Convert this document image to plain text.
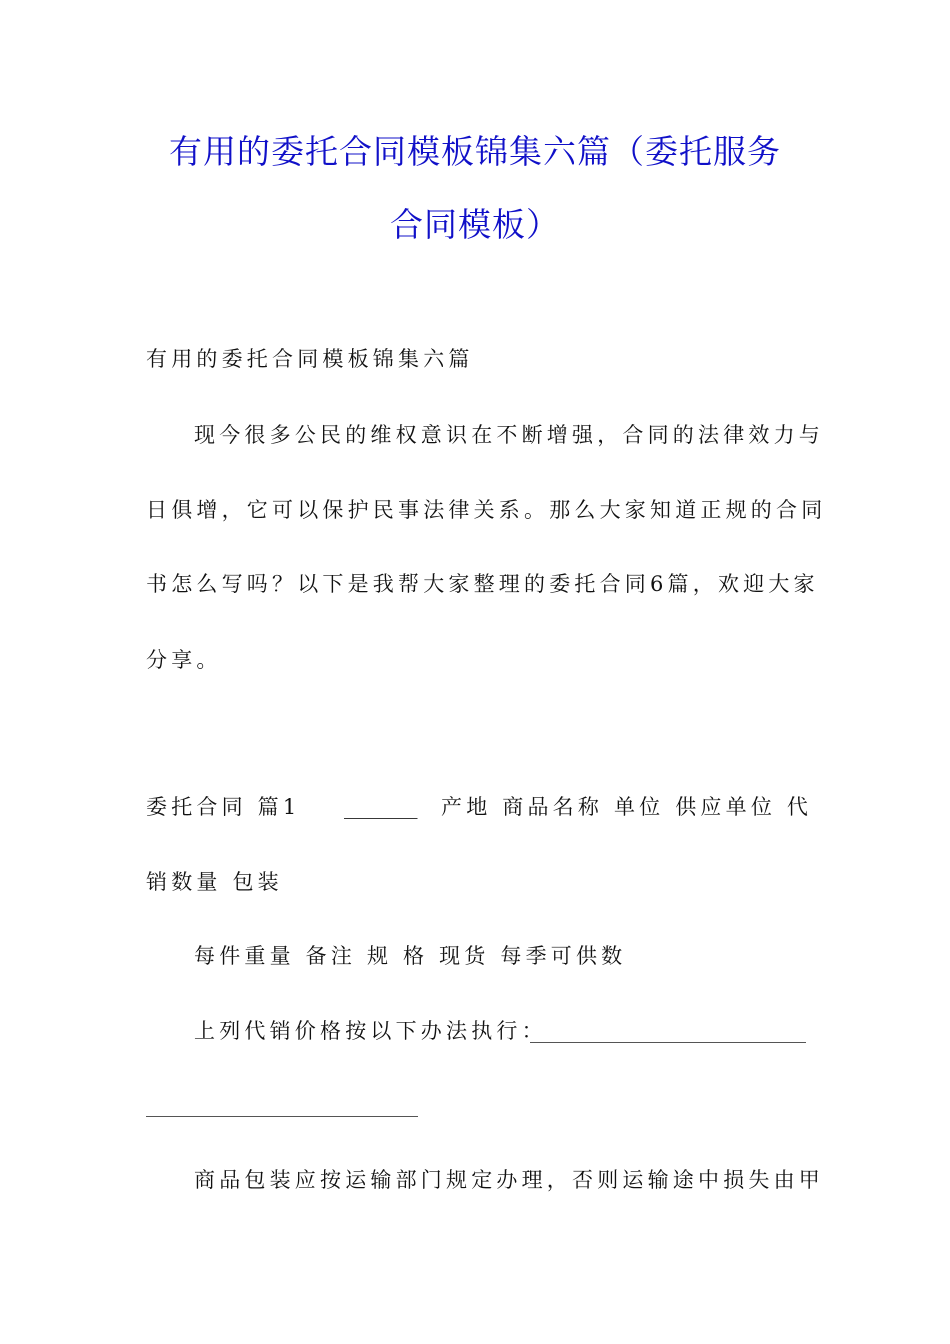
有用的委托合同模板锦集六篇（委托服务
合同模板）
有用的委托合同模板锦集六篇
现今很多公民的维权意识在不断增强，合同的法律效力与
日俱增，它可以保护民事法律关系。那么大家知道正规的合同
书怎么写吗？以下是我帮大家整理的委托合同6篇，欢迎大家
分享。
委托合同 篇1 _______ 产地 商品名称 单位 供应单位 代
销数量 包装
每件重量 备注 规 格 现货 每季可供数
上列代销价格按以下办法执行：
商品包装应按运输部门规定办理，否则运输途中损失由甲
